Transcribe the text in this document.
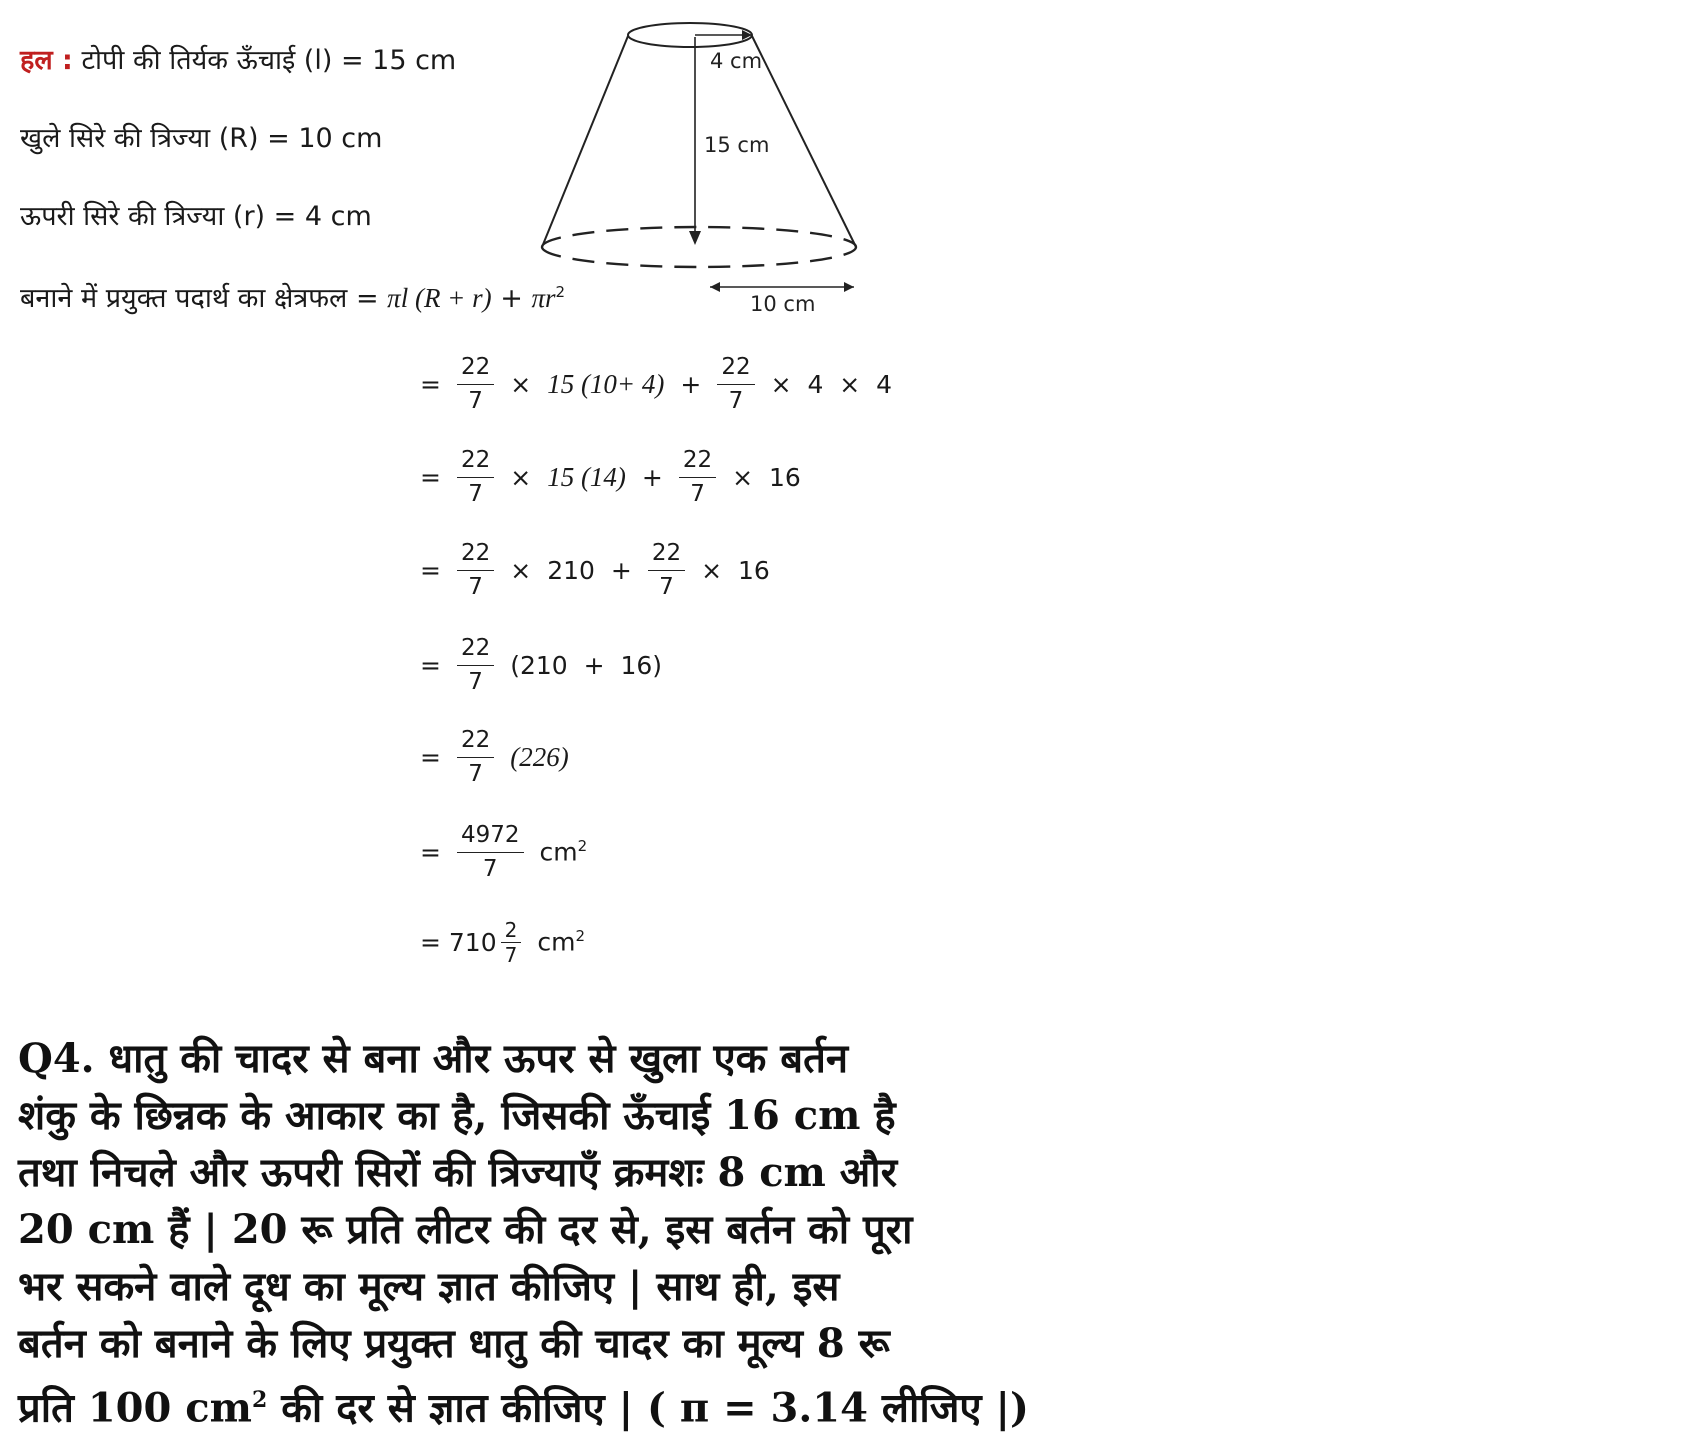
हल : टोपी की तिर्यक ऊँचाई (l) = 15 cm
खुले सिरे की त्रिज्या (R) = 10 cm
ऊपरी सिरे की त्रिज्या (r) = 4 cm
बनाने में प्रयुक्त पदार्थ का क्षेत्रफल = πl $(R + r) + \pi r^2$
4 cm
15 cm
10 cm
= $\frac{22}{7} \times 15$ $(10+ 4) + \frac{22}{7} \times 4 \times 4$
= $\frac{22}{7} \times 15$ $(14) + \frac{22}{7} \times 16$
= $\frac{22}{7} \times 210 + \frac{22}{7} \times 16$
= $\frac{22}{7} (210 + 16)$
= $\frac{22}{7} (226)$
= $\frac{4972}{7} cm^2$
= $710 \frac{2}{7} cm^2$
Q4. धातु की चादर से बना और ऊपर से खुला एक बर्तन
शंकु के छिन्नक के आकार का है, जिसकी ऊँचाई 16 cm है
तथा निचले और ऊपरी सिरों की त्रिज्याएँ क्रमशः 8 cm और
20 cm हैं | 20 रू प्रति लीटर की दर से, इस बर्तन को पूरा
भर सकने वाले दूध का मूल्य ज्ञात कीजिए | साथ ही, इस
बर्तन को बनाने के लिए प्रयुक्त धातु की चादर का मूल्य 8 रू
प्रति 100 $cm^2$ की दर से ज्ञात कीजिए | ( π = 3.14 लीजिए |)
